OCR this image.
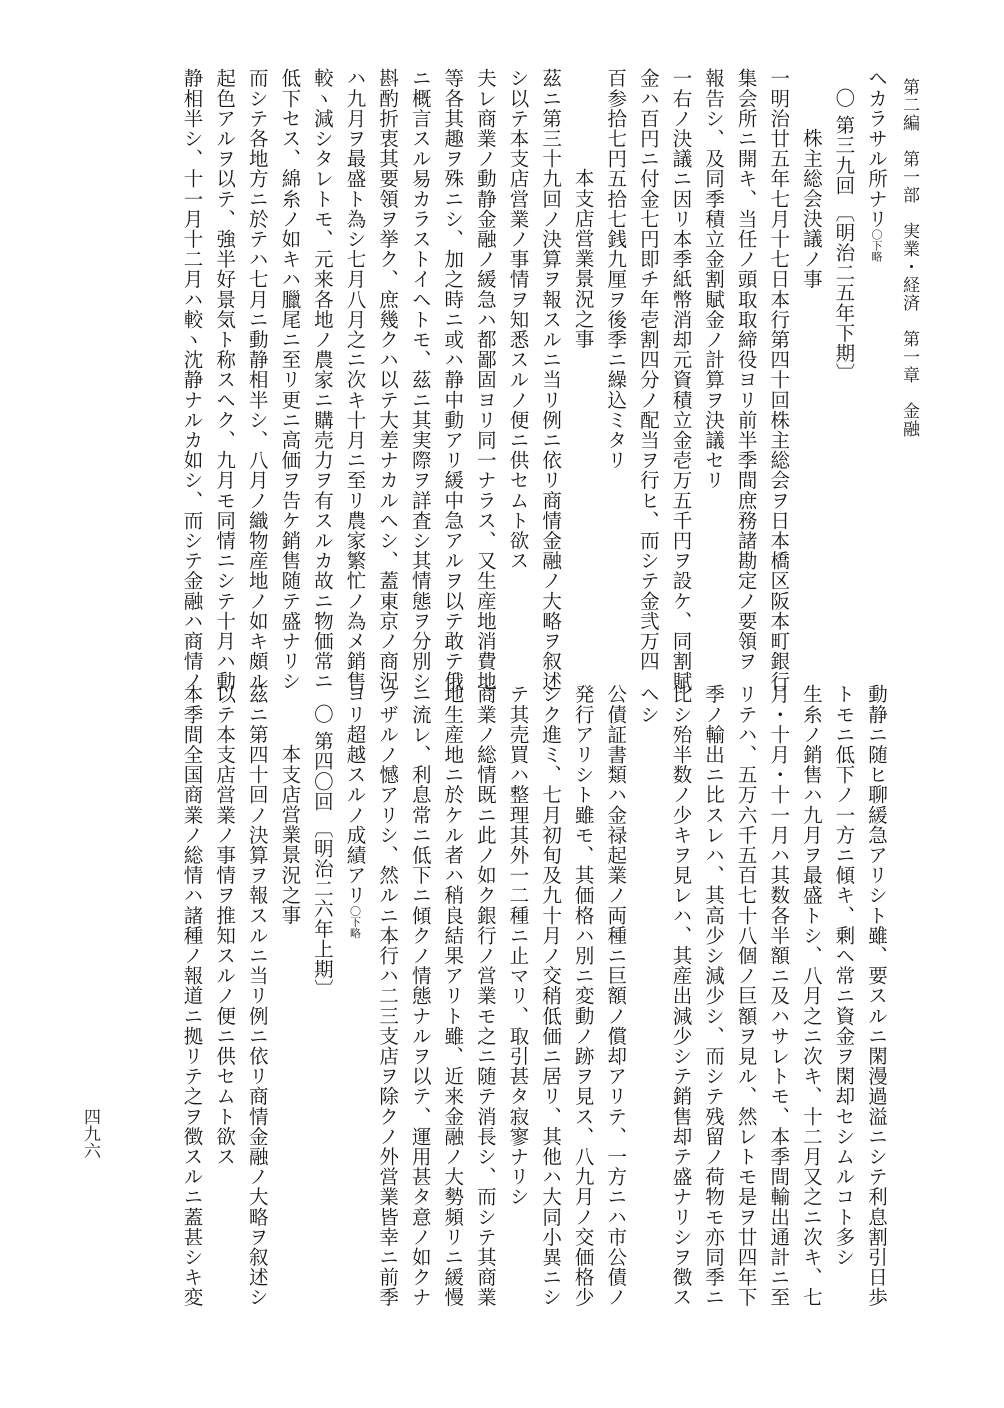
第二編　第一部　実業・経済　第一章　金融
四九六
ヘカラサル所ナリ〇下略
〇 第三九回 〔明治二五年下期〕
株主総会決議ノ事
一明治廿五年七月十七日本行第四十回株主総会ヲ日本橋区阪本町銀行
集会所ニ開キ、当任ノ頭取取締役ヨリ前半季間庶務諸勘定ノ要領ヲ
報告シ、及同季積立金割賦金ノ計算ヲ決議セリ
一右ノ決議ニ因リ本季紙幣消却元資積立金壱万五千円ヲ設ケ、同割賦
金ハ百円ニ付金七円即チ年壱割四分ノ配当ヲ行ヒ、而シテ金弐万四
百参拾七円五拾七銭九厘ヲ後季ニ繰込ミタリ
本支店営業景況之事
茲ニ第三十九回ノ決算ヲ報スルニ当リ例ニ依リ商情金融ノ大略ヲ叙述
シ以テ本支店営業ノ事情ヲ知悉スルノ便ニ供セムト欲ス
夫レ商業ノ動静金融ノ緩急ハ都鄙固ヨリ同一ナラス、又生産地消費地
等各其趣ヲ殊ニシ、加之時ニ或ハ静中動アリ緩中急アルヲ以テ敢テ俄
ニ概言スル易カラストイヘトモ、茲ニ其実際ヲ詳査シ其情態ヲ分別シ
斟酌折衷其要領ヲ挙ク、庶幾クハ以テ大差ナカルヘシ、蓋東京ノ商況
ハ九月ヲ最盛ト為シ七月八月之ニ次キ十月ニ至リ農家繁忙ノ為メ銷售
較ヽ減シタレトモ、元来各地ノ農家ニ購売力ヲ有スルカ故ニ物価常ニ
低下セス、綿糸ノ如キハ臘尾ニ至リ更ニ高価ヲ告ケ銷售随テ盛ナリシ
而シテ各地方ニ於テハ七月ニ動静相半シ、八月ノ織物産地ノ如キ頗ル
起色アルヲ以テ、強半好景気ト称スヘク、九月モ同情ニシテ十月ハ動
静相半シ、十一月十二月ハ較ヽ沈静ナルカ如シ、而シテ金融ハ商情ノ
動静ニ随ヒ聊緩急アリシト雖、要スルニ閑漫過溢ニシテ利息割引日歩
トモニ低下ノ一方ニ傾キ、剰ヘ常ニ資金ヲ閑却セシムルコト多シ
生糸ノ銷售ハ九月ヲ最盛トシ、八月之ニ次キ、十二月又之ニ次キ、七
月・十月・十一月ハ其数各半額ニ及ハサレトモ、本季間輸出通計ニ至
リテハ、五万六千五百七十八個ノ巨額ヲ見ル、然レトモ是ヲ廿四年下
季ノ輸出ニ比スレハ、其高少シ減少シ、而シテ残留ノ荷物モ亦同季ニ
比シ殆半数ノ少キヲ見レハ、其産出減少シテ銷售却テ盛ナリシヲ徴ス
ヘシ
公債証書類ハ金禄起業ノ両種ニ巨額ノ償却アリテ、一方ニハ市公債ノ
発行アリシト雖モ、其価格ハ別ニ変動ノ跡ヲ見ス、八九月ノ交価格少
シク進ミ、七月初旬及九十月ノ交稍低価ニ居リ、其他ハ大同小異ニシ
テ其売買ハ整理其外一二種ニ止マリ、取引甚タ寂寥ナリシ
商業ノ総情既ニ此ノ如ク銀行ノ営業モ之ニ随テ消長シ、而シテ其商業
地生産地ニ於ケル者ハ稍良結果アリト雖、近来金融ノ大勢頻リニ緩慢
ニ流レ、利息常ニ低下ニ傾クノ情態ナルヲ以テ、運用甚タ意ノ如クナ
ラザルノ憾アリシ、然ルニ本行ハ二三支店ヲ除クノ外営業皆幸ニ前季
ヨリ超越スルノ成績アリ〇下略
〇 第四〇回 〔明治二六年上期〕
本支店営業景況之事
茲ニ第四十回ノ決算ヲ報スルニ当リ例ニ依リ商情金融ノ大略ヲ叙述シ
以テ本支店営業ノ事情ヲ推知スルノ便ニ供セムト欲ス
本季間全国商業ノ総情ハ諸種ノ報道ニ拠リテ之ヲ徴スルニ蓋甚シキ変
